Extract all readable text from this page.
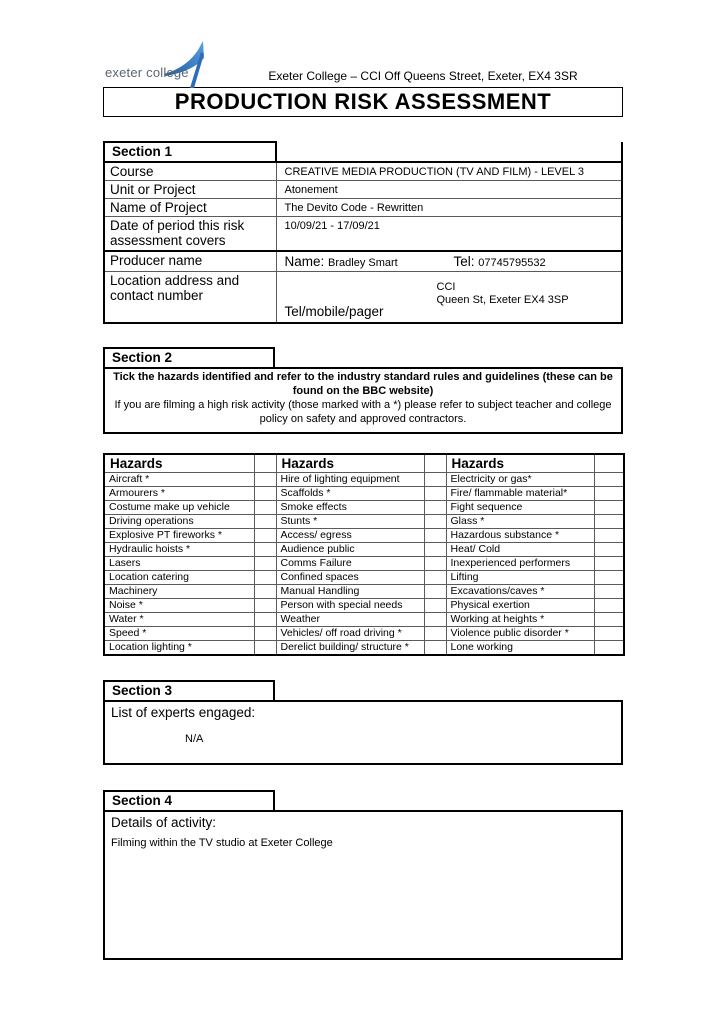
exeter college	Exeter College – CCI Off Queens Street, Exeter, EX4 3SR
PRODUCTION RISK ASSESSMENT
Section 1	
Course	CREATIVE MEDIA PRODUCTION (TV AND FILM) - LEVEL 3
Unit or Project	Atonement
Name of Project	The Devito Code - Rewritten
Date of period this risk assessment covers	10/09/21 - 17/09/21
Producer name	Name: Bradley Smart Tel: 07745795532
Location address and contact number	CCI
Queen St, Exeter EX4 3SP
Tel/mobile/pager
Section 2
Tick the hazards identified and refer to the industry standard rules and guidelines (these can be found on the BBC website)
If you are filming a high risk activity (those marked with a *) please refer to subject teacher and college policy on safety and approved contractors.
Hazards		Hazards		Hazards	
Aircraft *		Hire of lighting equipment		Electricity or gas*	
Armourers *		Scaffolds *		Fire/ flammable material*	
Costume make up vehicle		Smoke effects		Fight sequence	
Driving operations		Stunts *		Glass *	
Explosive PT fireworks *		Access/ egress		Hazardous substance *	
Hydraulic hoists *		Audience public		Heat/ Cold	
Lasers		Comms Failure		Inexperienced performers	
Location catering		Confined spaces		Lifting	
Machinery		Manual Handling		Excavations/caves *	
Noise *		Person with special needs		Physical exertion	
Water *		Weather		Working at heights *	
Speed *		Vehicles/ off road driving *		Violence public disorder *	
Location lighting *		Derelict building/ structure *		Lone working	
Section 3
List of experts engaged:
N/A
Section 4
Details of activity:
Filming within the TV studio at Exeter College
